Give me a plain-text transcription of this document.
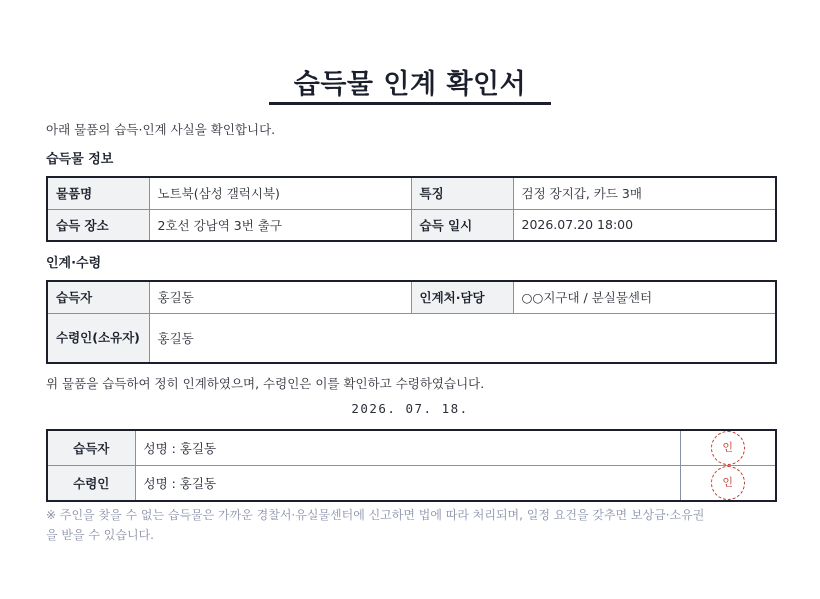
습득물 인계 확인서
아래 물품의 습득·인계 사실을 확인합니다.
습득물 정보
물품명	노트북(삼성 갤럭시북)	특징	검정 장지갑, 카드 3매
습득 장소	2호선 강남역 3번 출구	습득 일시	2026.07.20 18:00
인계·수령
습득자	홍길동	인계처·담당	○○지구대 / 분실물센터
수령인(소유자)	홍길동		
위 물품을 습득하여 정히 인계하였으며, 수령인은 이를 확인하고 수령하였습니다.
2026. 07. 18.
습득자	성명 : 홍길동	인
수령인	성명 : 홍길동	인
※ 주인을 찾을 수 없는 습득물은 가까운 경찰서·유실물센터에 신고하면 법에 따라 처리되며, 일정 요건을 갖추면 보상금·소유권을 받을 수 있습니다.
